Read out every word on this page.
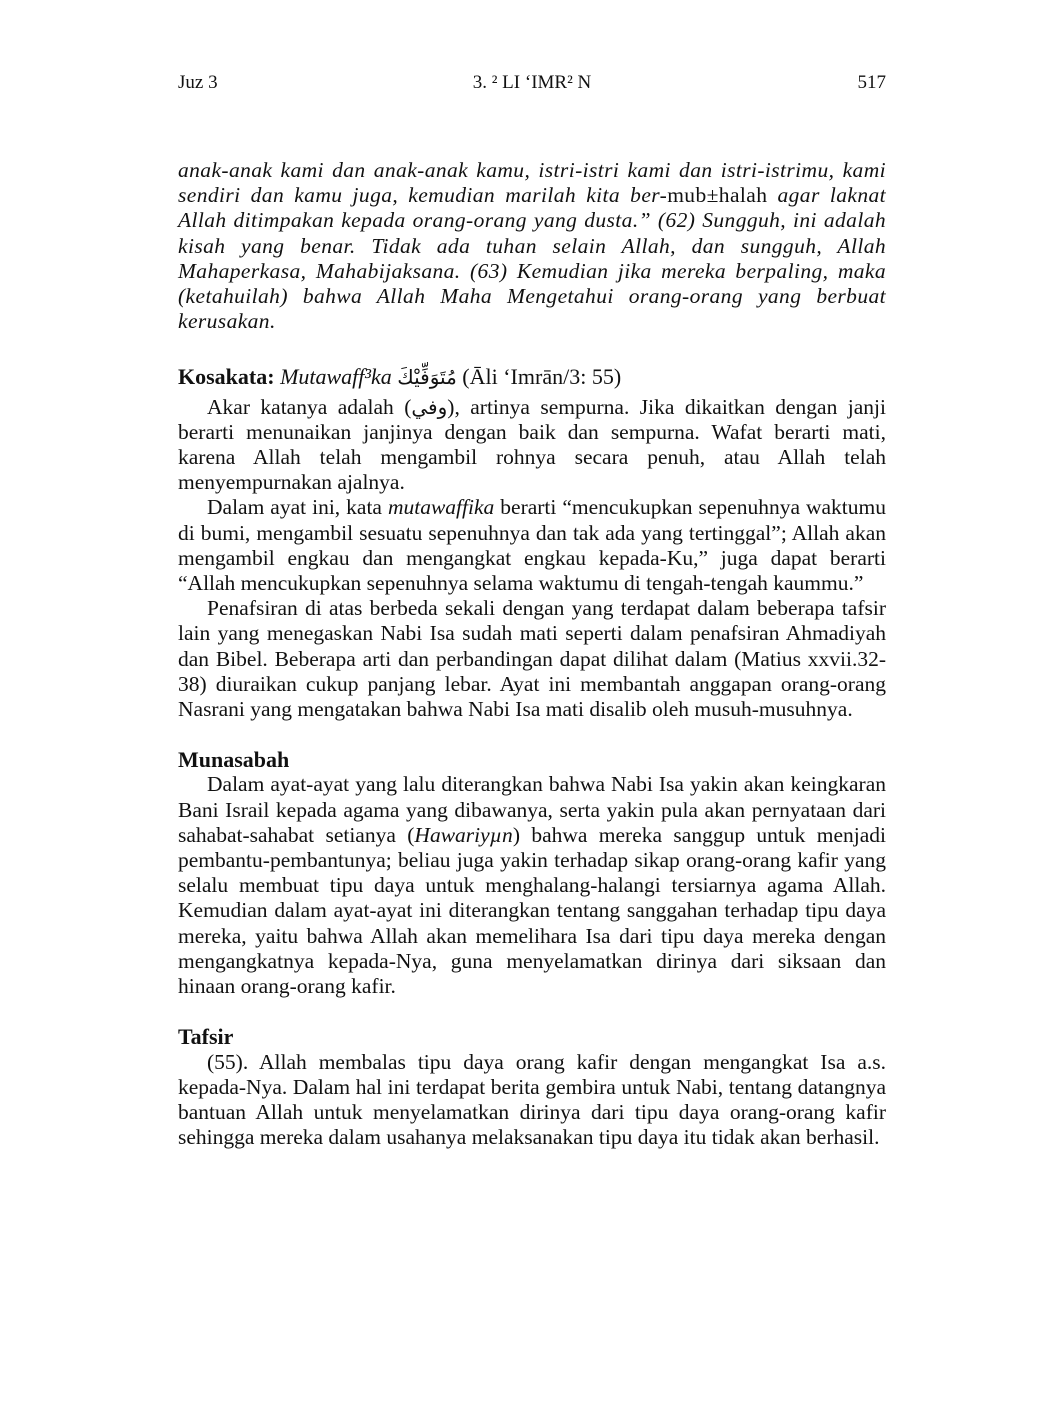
Juz 3	3. ² LI ‘IMR² N	517

anak-anak kami dan anak-anak kamu, istri-istri kami dan istri-istrimu, kami sendiri dan kamu juga, kemudian marilah kita ber-mub±halah agar laknat Allah ditimpakan kepada orang-orang yang dusta.” (62) Sungguh, ini adalah kisah yang benar. Tidak ada tuhan selain Allah, dan sungguh, Allah Mahaperkasa, Mahabijaksana. (63) Kemudian jika mereka berpaling, maka (ketahuilah) bahwa Allah Maha Mengetahui orang-orang yang berbuat kerusakan.

Kosakata: Mutawaff³ka مُتَوَفِّيْكَ (Āli ‘Imrān/3: 55)

Akar katanya adalah (وفي), artinya sempurna. Jika dikaitkan dengan janji berarti menunaikan janjinya dengan baik dan sempurna. Wafat berarti mati, karena Allah telah mengambil rohnya secara penuh, atau Allah telah menyempurnakan ajalnya.

Dalam ayat ini, kata mutawaffika berarti “mencukupkan sepenuhnya waktumu di bumi, mengambil sesuatu sepenuhnya dan tak ada yang tertinggal”; Allah akan mengambil engkau dan mengangkat engkau kepada-Ku,” juga dapat berarti “Allah mencukupkan sepenuhnya selama waktumu di tengah-tengah kaummu.”

Penafsiran di atas berbeda sekali dengan yang terdapat dalam beberapa tafsir lain yang menegaskan Nabi Isa sudah mati seperti dalam penafsiran Ahmadiyah dan Bibel. Beberapa arti dan perbandingan dapat dilihat dalam (Matius xxvii.32-38) diuraikan cukup panjang lebar. Ayat ini membantah anggapan orang-orang Nasrani yang mengatakan bahwa Nabi Isa mati disalib oleh musuh-musuhnya.

Munasabah

Dalam ayat-ayat yang lalu diterangkan bahwa Nabi Isa yakin akan keingkaran Bani Israil kepada agama yang dibawanya, serta yakin pula akan pernyataan dari sahabat-sahabat setianya (Hawariyµn) bahwa mereka sanggup untuk menjadi pembantu-pembantunya; beliau juga yakin terhadap sikap orang-orang kafir yang selalu membuat tipu daya untuk menghalang-halangi tersiarnya agama Allah. Kemudian dalam ayat-ayat ini diterangkan tentang sanggahan terhadap tipu daya mereka, yaitu bahwa Allah akan memelihara Isa dari tipu daya mereka dengan mengangkatnya kepada-Nya, guna menyelamatkan dirinya dari siksaan dan hinaan orang-orang kafir.

Tafsir

(55). Allah membalas tipu daya orang kafir dengan mengangkat Isa a.s. kepada-Nya. Dalam hal ini terdapat berita gembira untuk Nabi, tentang datangnya bantuan Allah untuk menyelamatkan dirinya dari tipu daya orang-orang kafir sehingga mereka dalam usahanya melaksanakan tipu daya itu tidak akan berhasil.
